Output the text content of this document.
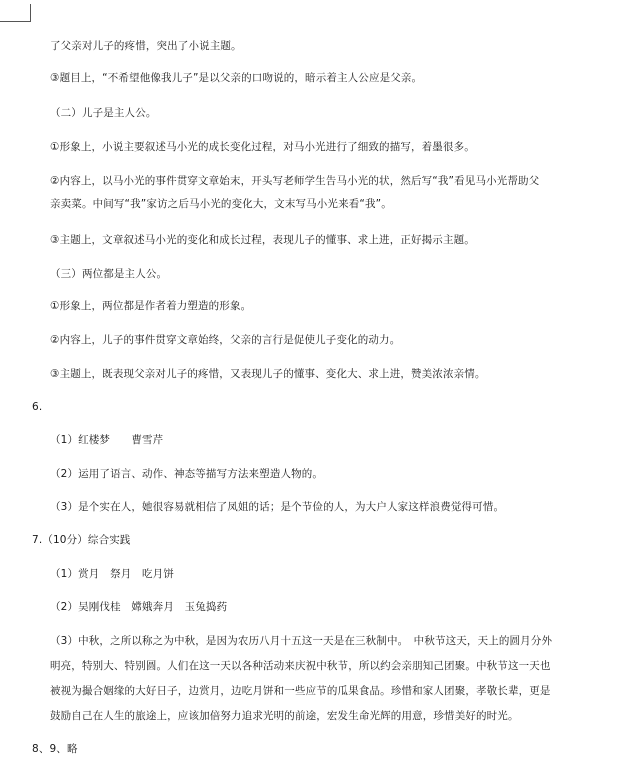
了父亲对儿子的疼惜，突出了小说主题。
③题目上，“不希望他像我儿子”是以父亲的口吻说的，暗示着主人公应是父亲。
（二）儿子是主人公。
①形象上，小说主要叙述马小光的成长变化过程，对马小光进行了细致的描写，着墨很多。
②内容上，以马小光的事件贯穿文章始末，开头写老师学生告马小光的状，然后写“我”看见马小光帮助父
亲卖菜。中间写“我”家访之后马小光的变化大，文末写马小光来看“我”。
③主题上，文章叙述马小光的变化和成长过程，表现儿子的懂事、求上进，正好揭示主题。
（三）两位都是主人公。
①形象上，两位都是作者着力塑造的形象。
②内容上，儿子的事件贯穿文章始终，父亲的言行是促使儿子变化的动力。
③主题上，既表现父亲对儿子的疼惜，又表现儿子的懂事、变化大、求上进，赞美浓浓亲情。
6.
（1）红楼梦　　曹雪芹
（2）运用了语言、动作、神态等描写方法来塑造人物的。
（3）是个实在人，她很容易就相信了凤姐的话；是个节俭的人，为大户人家这样浪费觉得可惜。
7.（10分）综合实践
（1）赏月　祭月　吃月饼
（2）吴刚伐桂　嫦娥奔月　玉兔捣药
（3）中秋，之所以称之为中秋，是因为农历八月十五这一天是在三秋制中。　中秋节这天，天上的圆月分外
明亮，特别大、特别圆。人们在这一天以各种活动来庆祝中秋节，所以约会亲朋知己团聚。中秋节这一天也
被视为撮合姻缘的大好日子，边赏月，边吃月饼和一些应节的瓜果食品。珍惜和家人团聚，孝敬长辈，更是
鼓励自己在人生的旅途上，应该加倍努力追求光明的前途，宏发生命光辉的用意，珍惜美好的时光。
8、9、略
